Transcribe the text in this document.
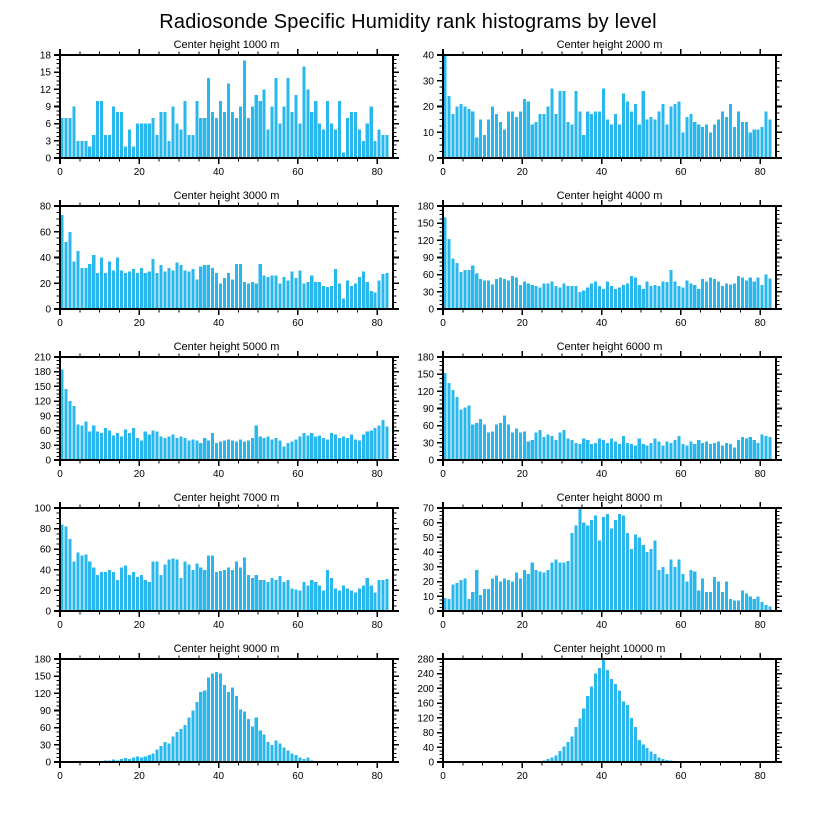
Radiosonde Specific Humidity rank histograms by level
Center height 1000 m
0	20	40	60	80
0
3
6
9
12
15
18
Center height 2000 m
0	20	40	60	80
0
10
20
30
40
Center height 3000 m
0	20	40	60	80
0
20
40
60
80
Center height 4000 m
0	20	40	60	80
0
30
60
90
120
150
180
Center height 5000 m
0	20	40	60	80
0
30
60
90
120
150
180
210
Center height 6000 m
0	20	40	60	80
0
30
60
90
120
150
180
Center height 7000 m
0	20	40	60	80
0
20
40
60
80
100
Center height 8000 m
0	20	40	60	80
0
10
20
30
40
50
60
70
Center height 9000 m
0	20	40	60	80
0
30
60
90
120
150
180
Center height 10000 m
0	20	40	60	80
0
40
80
120
160
200
240
280
